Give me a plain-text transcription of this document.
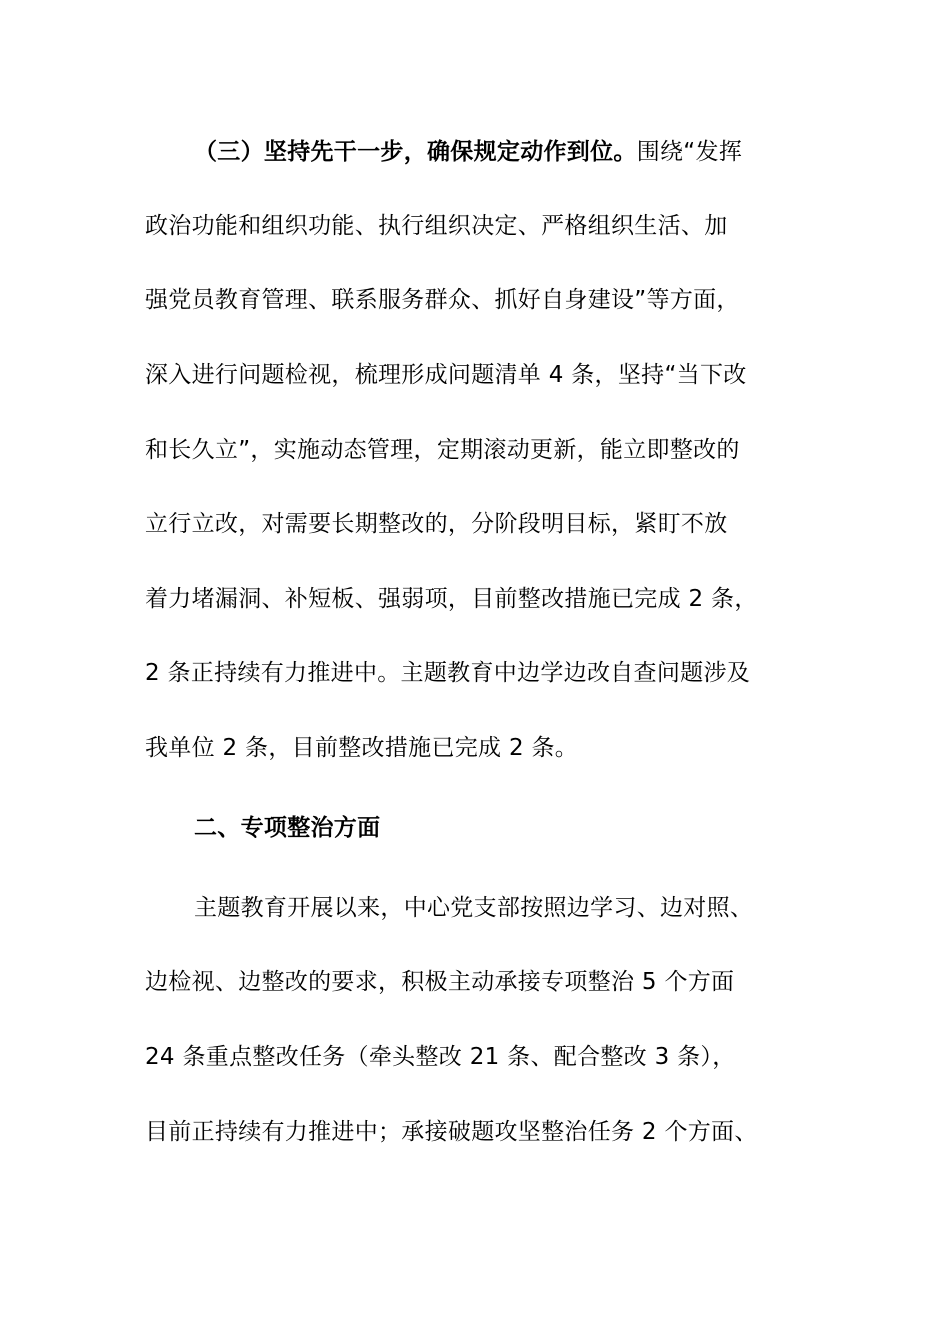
（三）坚持先干一步，确保规定动作到位。围绕“发挥
政治功能和组织功能、执行组织决定、严格组织生活、加
强党员教育管理、联系服务群众、抓好自身建设”等方面，
深入进行问题检视，梳理形成问题清单 4 条，坚持“当下改
和长久立”，实施动态管理，定期滚动更新，能立即整改的
立行立改，对需要长期整改的，分阶段明目标，紧盯不放
着力堵漏洞、补短板、强弱项，目前整改措施已完成 2 条，
2 条正持续有力推进中。主题教育中边学边改自查问题涉及
我单位 2 条，目前整改措施已完成 2 条。
二、专项整治方面
主题教育开展以来，中心党支部按照边学习、边对照、
边检视、边整改的要求，积极主动承接专项整治 5 个方面
24 条重点整改任务（牵头整改 21 条、配合整改 3 条），
目前正持续有力推进中；承接破题攻坚整治任务 2 个方面、
